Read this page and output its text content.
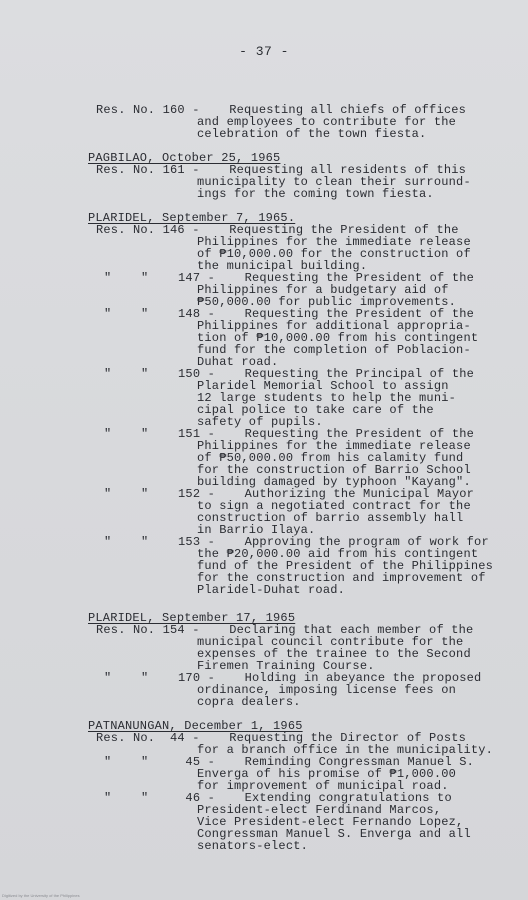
- 37 -
Res. No. 160 -    Requesting all chiefs of offices
and employees to contribute for the
celebration of the town fiesta.
PAGBILAO, October 25, 1965
Res. No. 161 -    Requesting all residents of this
municipality to clean their surround-
ings for the coming town fiesta.
PLARIDEL, September 7, 1965.
Res. No. 146 -    Requesting the President of the
Philippines for the immediate release
of ₱10,000.00 for the construction of
the municipal building.
"    "    147 -    Requesting the President of the
Philippines for a budgetary aid of
₱50,000.00 for public improvements.
"    "    148 -    Requesting the President of the
Philippines for additional appropria-
tion of ₱10,000.00 from his contingent
fund for the completion of Poblacion-
Duhat road.
"    "    150 -    Requesting the Principal of the
Plaridel Memorial School to assign
12 large students to help the muni-
cipal police to take care of the
safety of pupils.
"    "    151 -    Requesting the President of the
Philippines for the immediate release
of ₱50,000.00 from his calamity fund
for the construction of Barrio School
building damaged by typhoon "Kayang".
"    "    152 -    Authorizing the Municipal Mayor
to sign a negotiated contract for the
construction of barrio assembly hall
in Barrio Ilaya.
"    "    153 -    Approving the program of work for
the ₱20,000.00 aid from his contingent
fund of the President of the Philippines
for the construction and improvement of
Plaridel-Duhat road.
PLARIDEL, September 17, 1965
Res. No. 154 -    Declaring that each member of the
municipal council contribute for the
expenses of the trainee to the Second
Firemen Training Course.
"    "    170 -    Holding in abeyance the proposed
ordinance, imposing license fees on
copra dealers.
PATNANUNGAN, December 1, 1965
Res. No.  44 -    Requesting the Director of Posts
for a branch office in the municipality.
"    "     45 -    Reminding Congressman Manuel S.
Enverga of his promise of ₱1,000.00
for improvement of municipal road.
"    "     46 -    Extending congratulations to
President-elect Ferdinand Marcos,
Vice President-elect Fernando Lopez,
Congressman Manuel S. Enverga and all
senators-elect.
Digitized by the University of the Philippines
